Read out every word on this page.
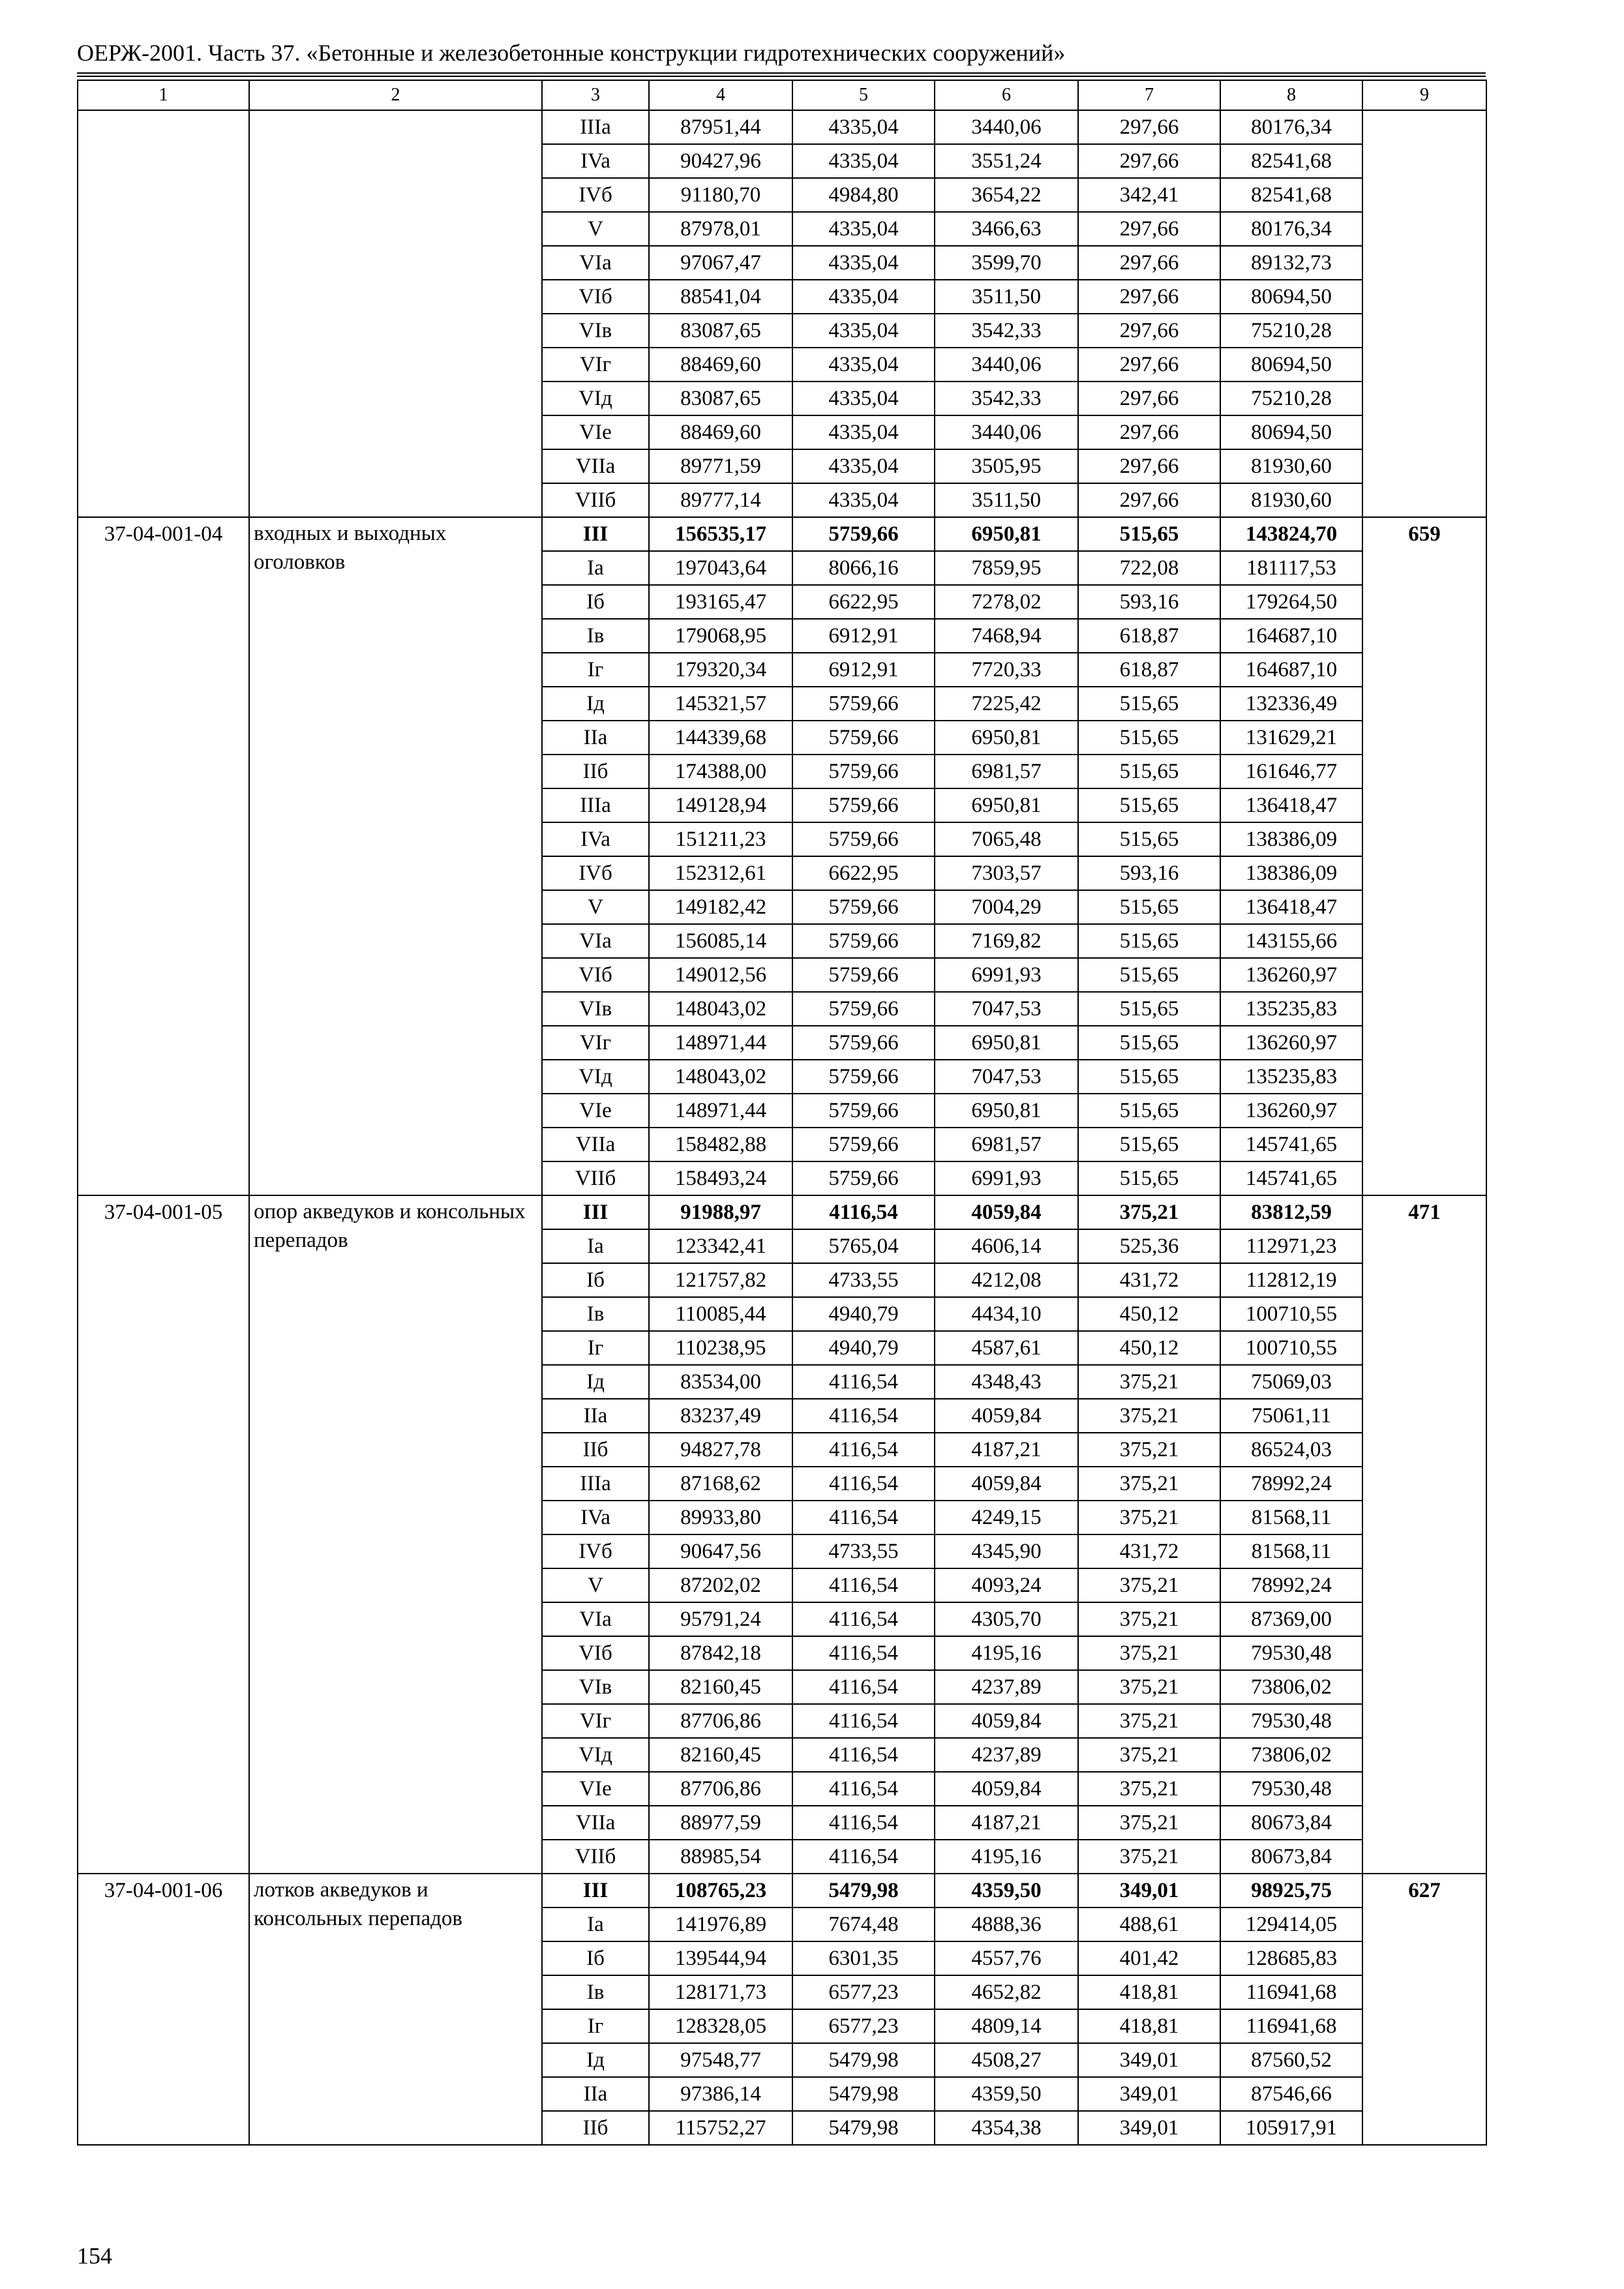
ОЕРЖ-2001. Часть 37. «Бетонные и железобетонные конструкции гидротехнических сооружений»
1	2	3	4	5	6	7	8	9
		IIIa	87951,44	4335,04	3440,06	297,66	80176,34	
		IVa	90427,96	4335,04	3551,24	297,66	82541,68	
		IVб	91180,70	4984,80	3654,22	342,41	82541,68	
		V	87978,01	4335,04	3466,63	297,66	80176,34	
		VIa	97067,47	4335,04	3599,70	297,66	89132,73	
		VIб	88541,04	4335,04	3511,50	297,66	80694,50	
		VIв	83087,65	4335,04	3542,33	297,66	75210,28	
		VIг	88469,60	4335,04	3440,06	297,66	80694,50	
		VIд	83087,65	4335,04	3542,33	297,66	75210,28	
		VIe	88469,60	4335,04	3440,06	297,66	80694,50	
		VIIa	89771,59	4335,04	3505,95	297,66	81930,60	
		VIIб	89777,14	4335,04	3511,50	297,66	81930,60	
37-04-001-04	входных и выходных оголовков	III	156535,17	5759,66	6950,81	515,65	143824,70	659
		Ia	197043,64	8066,16	7859,95	722,08	181117,53	
		Iб	193165,47	6622,95	7278,02	593,16	179264,50	
		Iв	179068,95	6912,91	7468,94	618,87	164687,10	
		Iг	179320,34	6912,91	7720,33	618,87	164687,10	
		Iд	145321,57	5759,66	7225,42	515,65	132336,49	
		IIa	144339,68	5759,66	6950,81	515,65	131629,21	
		IIб	174388,00	5759,66	6981,57	515,65	161646,77	
		IIIa	149128,94	5759,66	6950,81	515,65	136418,47	
		IVa	151211,23	5759,66	7065,48	515,65	138386,09	
		IVб	152312,61	6622,95	7303,57	593,16	138386,09	
		V	149182,42	5759,66	7004,29	515,65	136418,47	
		VIa	156085,14	5759,66	7169,82	515,65	143155,66	
		VIб	149012,56	5759,66	6991,93	515,65	136260,97	
		VIв	148043,02	5759,66	7047,53	515,65	135235,83	
		VIг	148971,44	5759,66	6950,81	515,65	136260,97	
		VIд	148043,02	5759,66	7047,53	515,65	135235,83	
		VIe	148971,44	5759,66	6950,81	515,65	136260,97	
		VIIa	158482,88	5759,66	6981,57	515,65	145741,65	
		VIIб	158493,24	5759,66	6991,93	515,65	145741,65	
37-04-001-05	опор акведуков и консольных перепадов	III	91988,97	4116,54	4059,84	375,21	83812,59	471
		Ia	123342,41	5765,04	4606,14	525,36	112971,23	
		Iб	121757,82	4733,55	4212,08	431,72	112812,19	
		Iв	110085,44	4940,79	4434,10	450,12	100710,55	
		Iг	110238,95	4940,79	4587,61	450,12	100710,55	
		Iд	83534,00	4116,54	4348,43	375,21	75069,03	
		IIa	83237,49	4116,54	4059,84	375,21	75061,11	
		IIб	94827,78	4116,54	4187,21	375,21	86524,03	
		IIIa	87168,62	4116,54	4059,84	375,21	78992,24	
		IVa	89933,80	4116,54	4249,15	375,21	81568,11	
		IVб	90647,56	4733,55	4345,90	431,72	81568,11	
		V	87202,02	4116,54	4093,24	375,21	78992,24	
		VIa	95791,24	4116,54	4305,70	375,21	87369,00	
		VIб	87842,18	4116,54	4195,16	375,21	79530,48	
		VIв	82160,45	4116,54	4237,89	375,21	73806,02	
		VIг	87706,86	4116,54	4059,84	375,21	79530,48	
		VIд	82160,45	4116,54	4237,89	375,21	73806,02	
		VIe	87706,86	4116,54	4059,84	375,21	79530,48	
		VIIa	88977,59	4116,54	4187,21	375,21	80673,84	
		VIIб	88985,54	4116,54	4195,16	375,21	80673,84	
37-04-001-06	лотков акведуков и консольных перепадов	III	108765,23	5479,98	4359,50	349,01	98925,75	627
		Ia	141976,89	7674,48	4888,36	488,61	129414,05	
		Iб	139544,94	6301,35	4557,76	401,42	128685,83	
		Iв	128171,73	6577,23	4652,82	418,81	116941,68	
		Iг	128328,05	6577,23	4809,14	418,81	116941,68	
		Iд	97548,77	5479,98	4508,27	349,01	87560,52	
		IIa	97386,14	5479,98	4359,50	349,01	87546,66	
		IIб	115752,27	5479,98	4354,38	349,01	105917,91	
154
